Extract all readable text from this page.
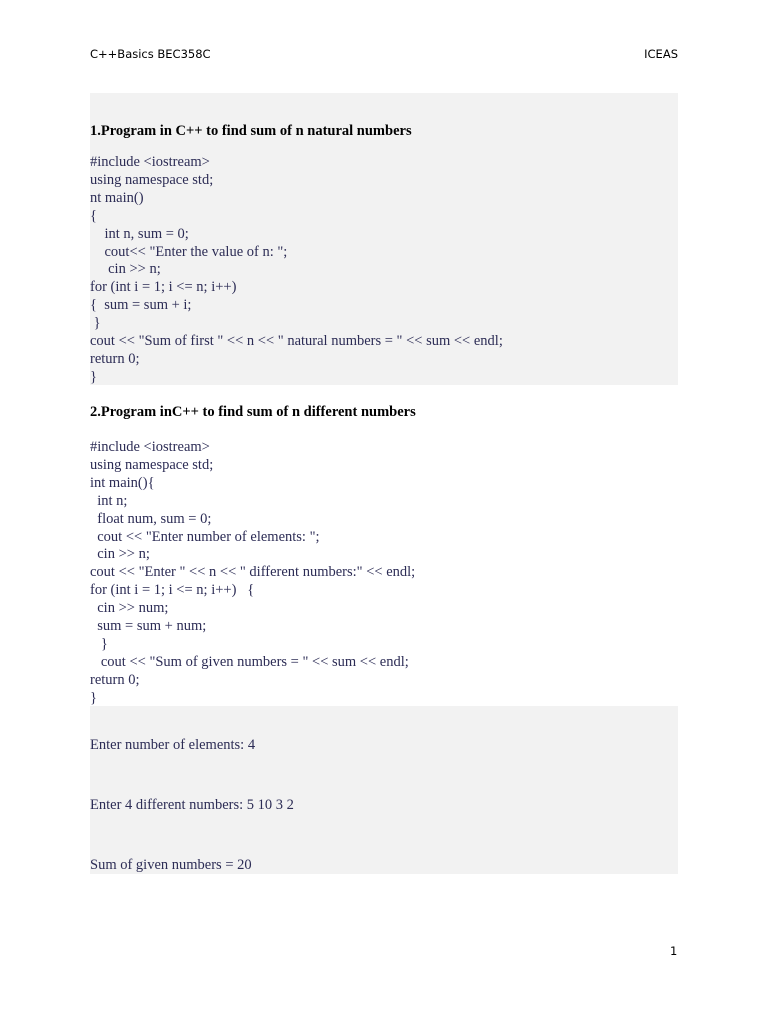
C++Basics BEC358C	ICEAS
1.Program in C++ to find sum of n natural numbers
#include <iostream>
using namespace std;
nt main()
{
int n, sum = 0;
cout<< "Enter the value of n: ";
cin >> n;
for (int i = 1; i <= n; i++)
{  sum = sum + i;
}
cout << "Sum of first " << n << " natural numbers = " << sum << endl;
return 0;
}
2.Program inC++ to find sum of n different numbers
#include <iostream>
using namespace std;
int main(){
int n;
float num, sum = 0;
cout << "Enter number of elements: ";
cin >> n;
cout << "Enter " << n << " different numbers:" << endl;
for (int i = 1; i <= n; i++)   {
cin >> num;
sum = sum + num;
}
cout << "Sum of given numbers = " << sum << endl;
return 0;
}
Enter number of elements: 4
Enter 4 different numbers: 5 10 3 2
Sum of given numbers = 20
1
